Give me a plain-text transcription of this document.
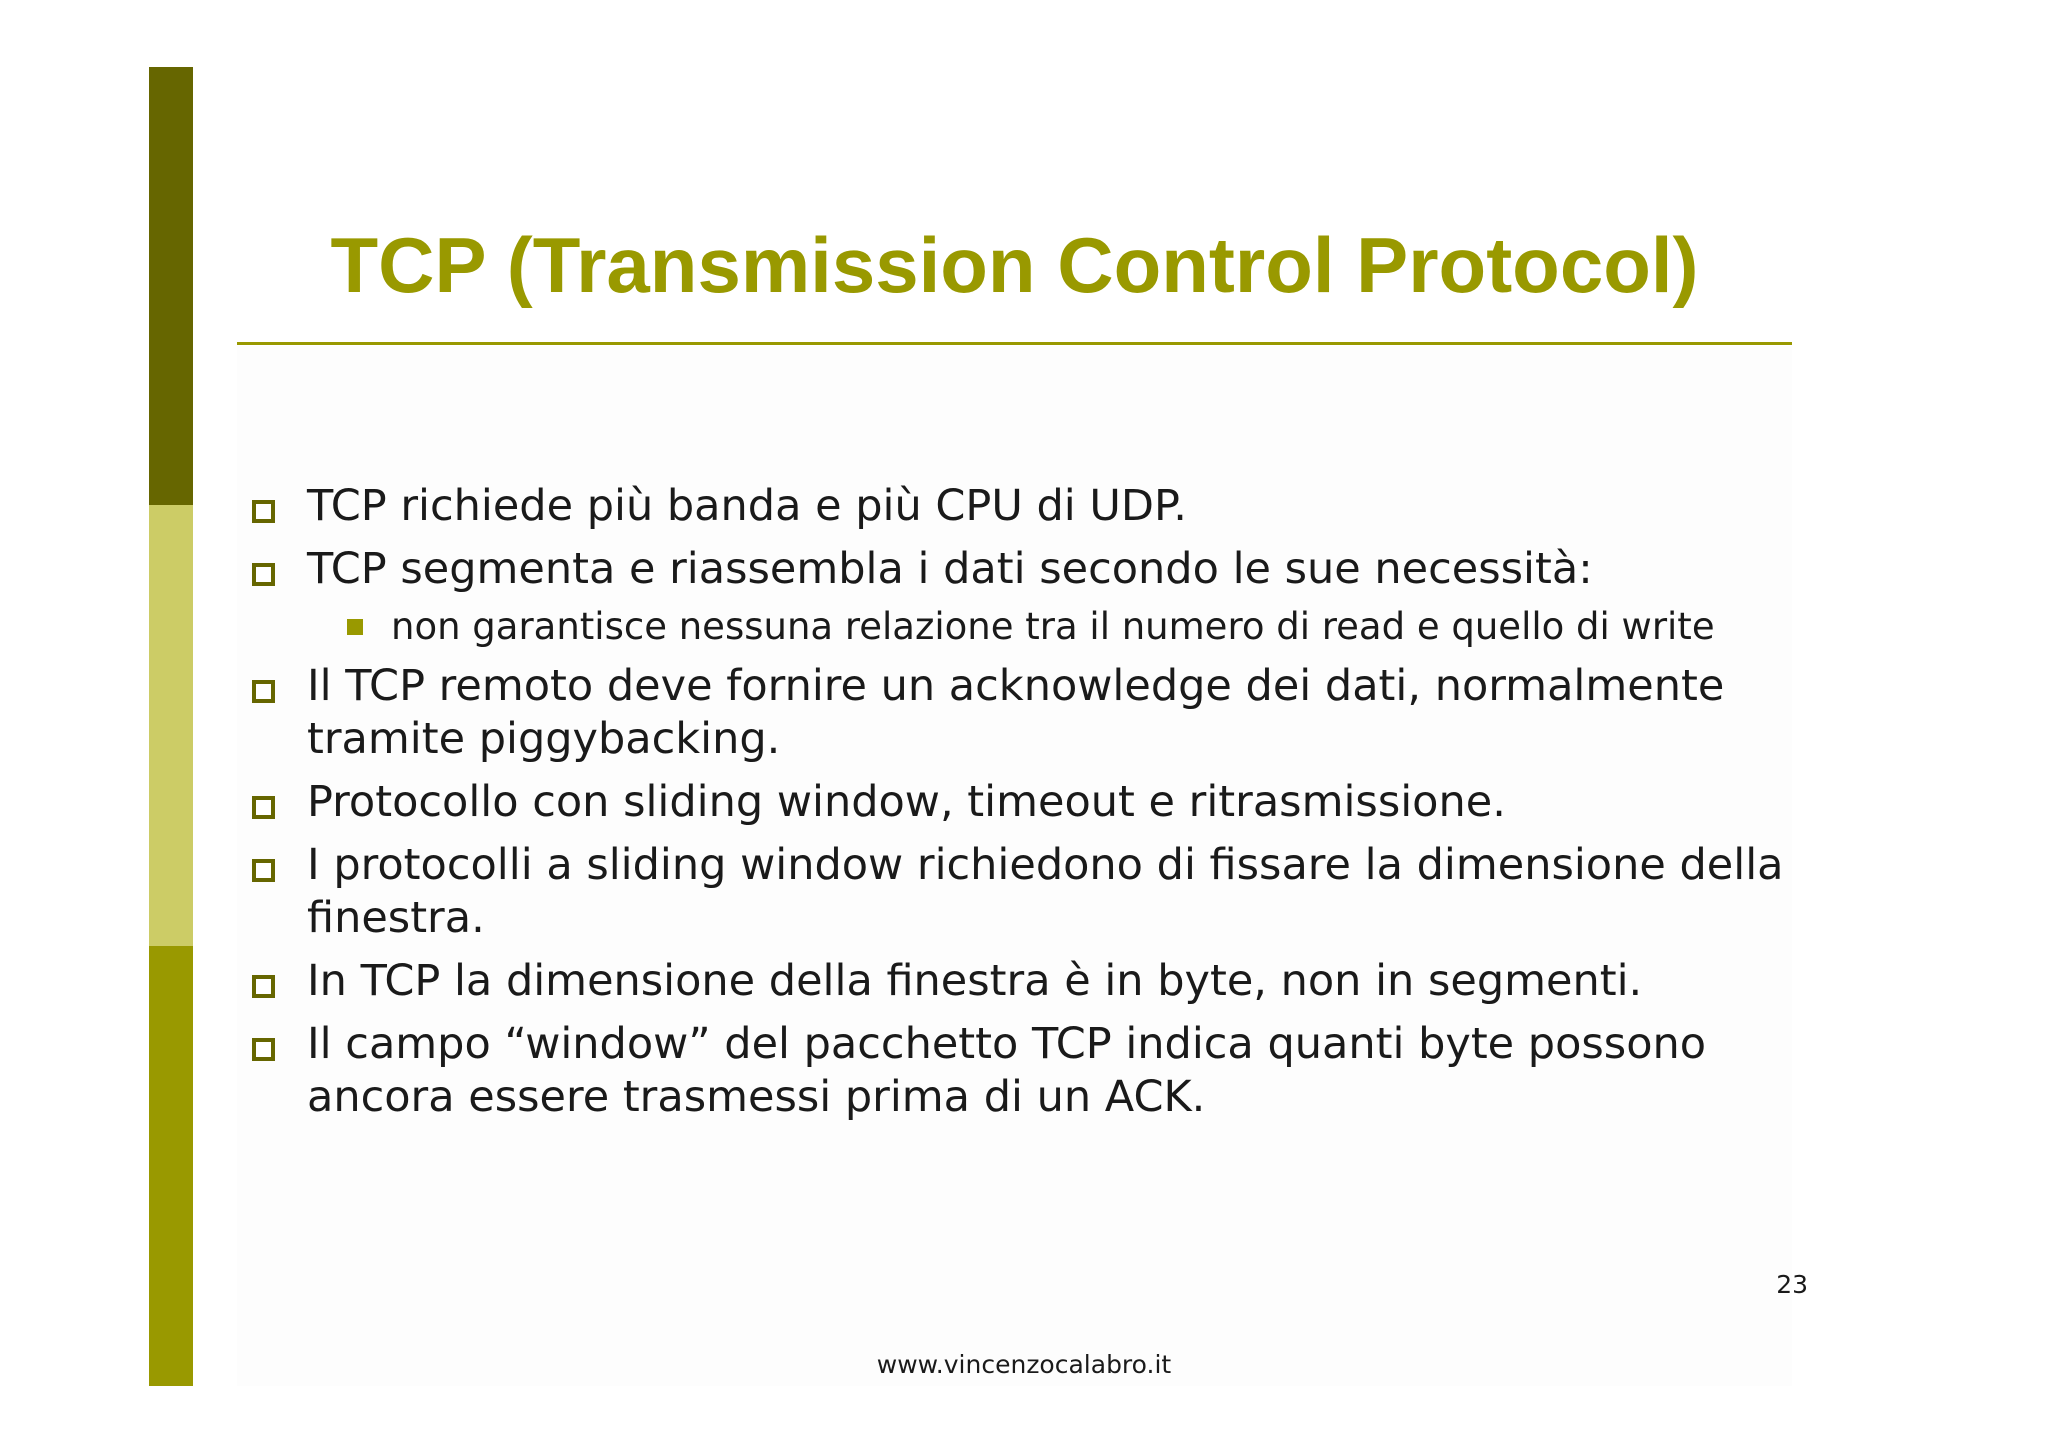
TCP (Transmission Control Protocol)
TCP richiede più banda e più CPU di UDP.
TCP segmenta e riassembla i dati secondo le sue necessità:
non garantisce nessuna relazione tra il numero di read e quello di write
Il TCP remoto deve fornire un acknowledge dei dati, normalmente tramite piggybacking.
Protocollo con sliding window, timeout e ritrasmissione.
I protocolli a sliding window richiedono di fissare la dimensione della finestra.
In TCP la dimensione della finestra è in byte, non in segmenti.
Il campo “window” del pacchetto TCP indica quanti byte possono ancora essere trasmessi prima di un ACK.
23
www.vincenzocalabro.it
